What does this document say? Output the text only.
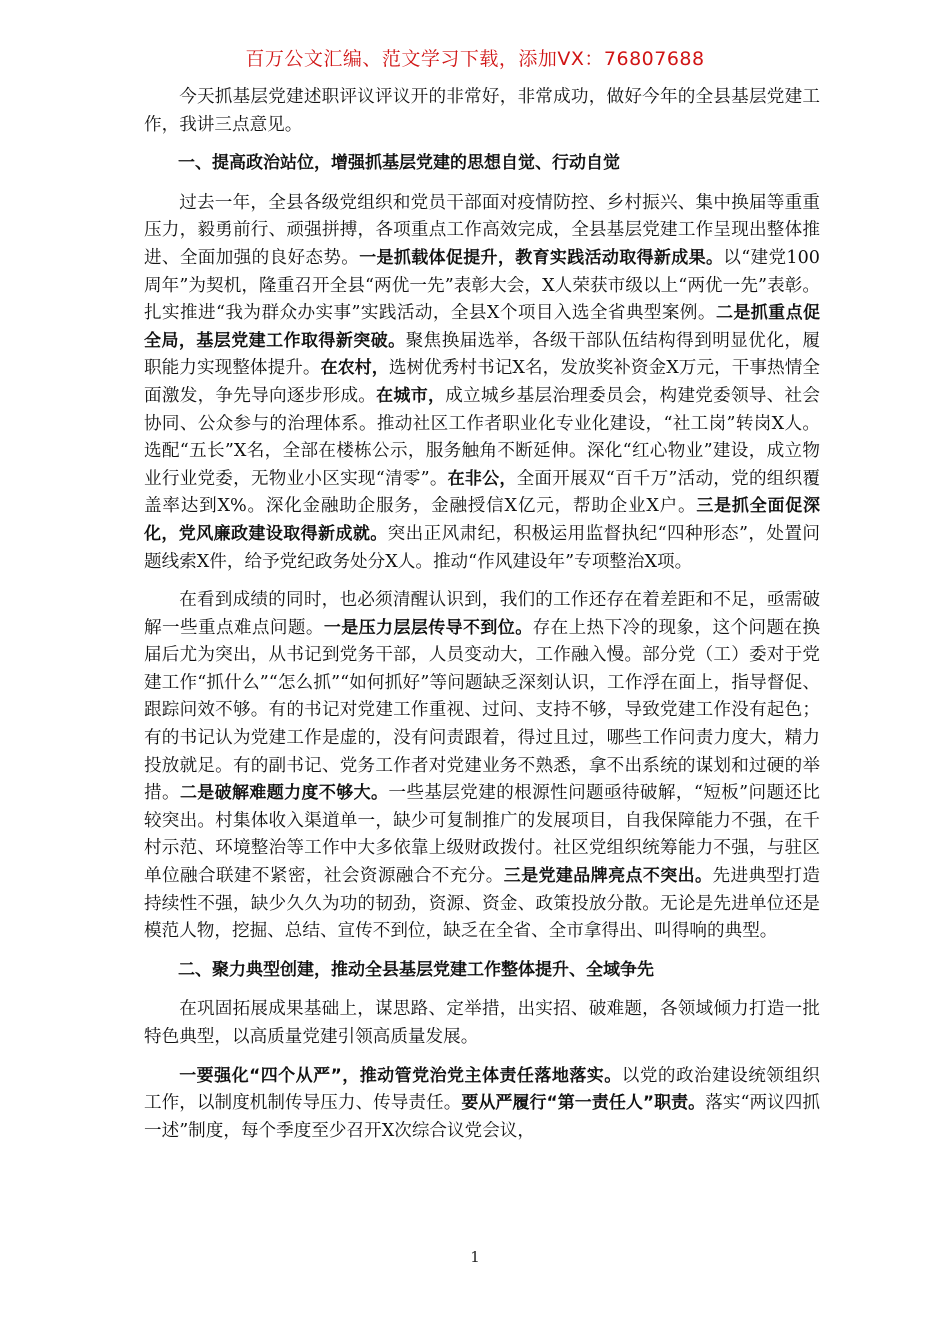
百万公文汇编、范文学习下载，添加VX：76807688

今天抓基层党建述职评议评议开的非常好，非常成功，做好今年的全县基层党建工作，我讲三点意见。

一、提高政治站位，增强抓基层党建的思想自觉、行动自觉

过去一年，全县各级党组织和党员干部面对疫情防控、乡村振兴、集中换届等重重压力，毅勇前行、顽强拼搏，各项重点工作高效完成，全县基层党建工作呈现出整体推进、全面加强的良好态势。一是抓载体促提升，教育实践活动取得新成果。以“建党100周年”为契机，隆重召开全县“两优一先”表彰大会，X人荣获市级以上“两优一先”表彰。扎实推进“我为群众办实事”实践活动，全县X个项目入选全省典型案例。二是抓重点促全局，基层党建工作取得新突破。聚焦换届选举，各级干部队伍结构得到明显优化，履职能力实现整体提升。在农村，选树优秀村书记X名，发放奖补资金X万元，干事热情全面激发，争先导向逐步形成。在城市，成立城乡基层治理委员会，构建党委领导、社会协同、公众参与的治理体系。推动社区工作者职业化专业化建设，“社工岗”转岗X人。选配“五长”X名，全部在楼栋公示，服务触角不断延伸。深化“红心物业”建设，成立物业行业党委，无物业小区实现“清零”。在非公，全面开展双“百千万”活动，党的组织覆盖率达到X%。深化金融助企服务，金融授信X亿元，帮助企业X户。三是抓全面促深化，党风廉政建设取得新成就。突出正风肃纪，积极运用监督执纪“四种形态”，处置问题线索X件，给予党纪政务处分X人。推动“作风建设年”专项整治X项。

在看到成绩的同时，也必须清醒认识到，我们的工作还存在着差距和不足，亟需破解一些重点难点问题。一是压力层层传导不到位。存在上热下冷的现象，这个问题在换届后尤为突出，从书记到党务干部，人员变动大，工作融入慢。部分党（工）委对于党建工作“抓什么”“怎么抓”“如何抓好”等问题缺乏深刻认识，工作浮在面上，指导督促、跟踪问效不够。有的书记对党建工作重视、过问、支持不够，导致党建工作没有起色；有的书记认为党建工作是虚的，没有问责跟着，得过且过，哪些工作问责力度大，精力投放就足。有的副书记、党务工作者对党建业务不熟悉，拿不出系统的谋划和过硬的举措。二是破解难题力度不够大。一些基层党建的根源性问题亟待破解，“短板”问题还比较突出。村集体收入渠道单一，缺少可复制推广的发展项目，自我保障能力不强，在千村示范、环境整治等工作中大多依靠上级财政拨付。社区党组织统筹能力不强，与驻区单位融合联建不紧密，社会资源融合不充分。三是党建品牌亮点不突出。先进典型打造持续性不强，缺少久久为功的韧劲，资源、资金、政策投放分散。无论是先进单位还是模范人物，挖掘、总结、宣传不到位，缺乏在全省、全市拿得出、叫得响的典型。

二、聚力典型创建，推动全县基层党建工作整体提升、全域争先

在巩固拓展成果基础上，谋思路、定举措，出实招、破难题，各领域倾力打造一批特色典型，以高质量党建引领高质量发展。

一要强化“四个从严”，推动管党治党主体责任落地落实。以党的政治建设统领组织工作，以制度机制传导压力、传导责任。要从严履行“第一责任人”职责。落实“两议四抓一述”制度，每个季度至少召开X次综合议党会议，

1
